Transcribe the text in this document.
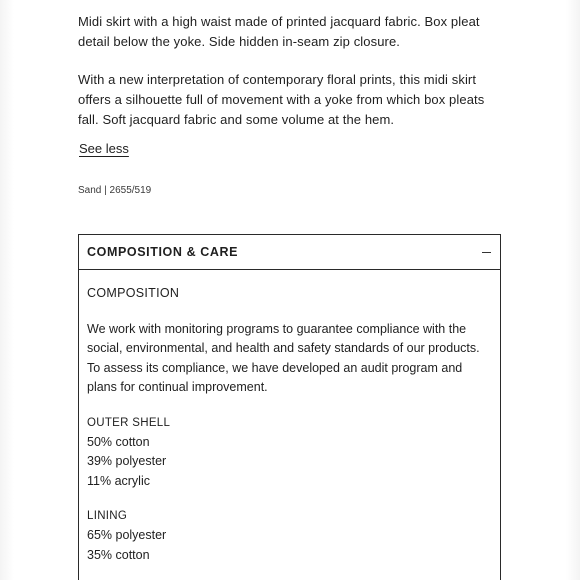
Midi skirt with a high waist made of printed jacquard fabric. Box pleat detail below the yoke. Side hidden in-seam zip closure.

With a new interpretation of contemporary floral prints, this midi skirt offers a silhouette full of movement with a yoke from which box pleats fall. Soft jacquard fabric and some volume at the hem.

See less
Sand | 2655/519
COMPOSITION & CARE

COMPOSITION

We work with monitoring programs to guarantee compliance with the social, environmental, and health and safety standards of our products. To assess its compliance, we have developed an audit program and plans for continual improvement.

OUTER SHELL
50% cotton
39% polyester
11% acrylic
LINING
65% polyester
35% cotton
